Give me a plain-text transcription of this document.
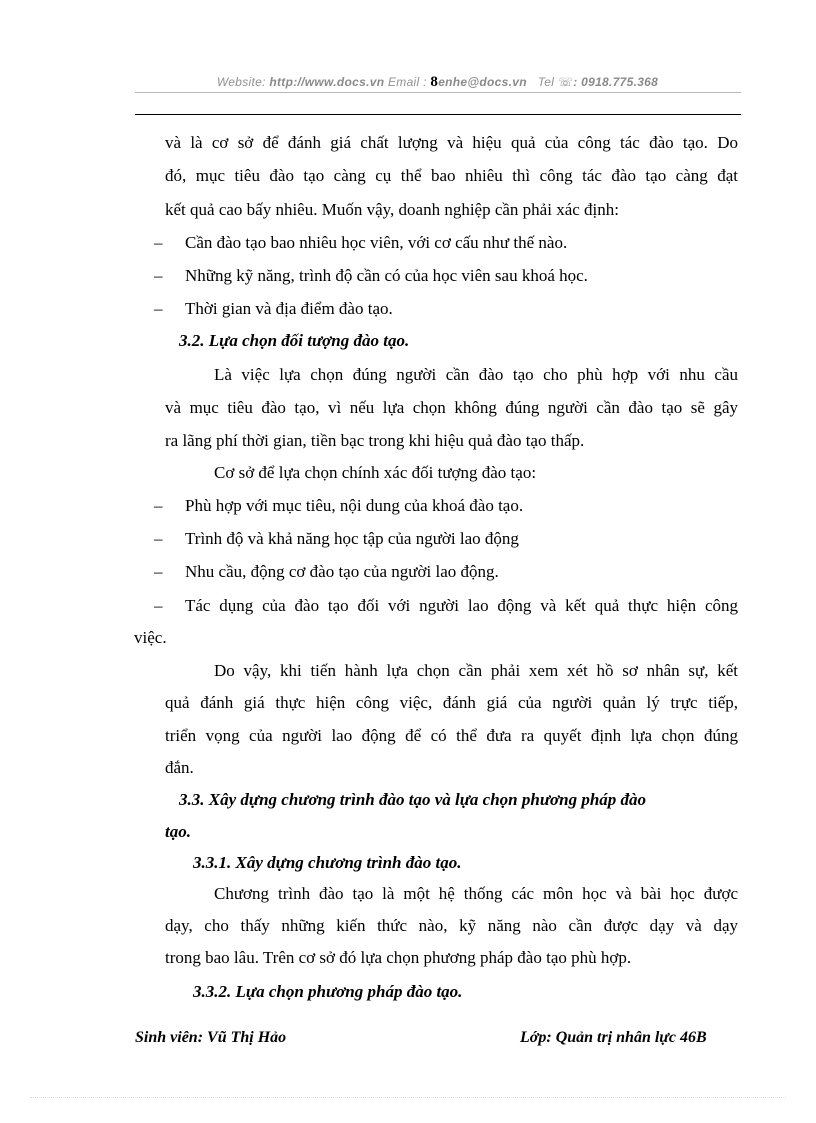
Website: http://www.docs.vn Email : 8enhe@docs.vn Tel ☏: 0918.775.368
và là cơ sở để đánh giá chất lượng và hiệu quả của công tác đào tạo. Do
đó, mục tiêu đào tạo càng cụ thể bao nhiêu thì công tác đào tạo càng đạt
kết quả cao bấy nhiêu. Muốn vậy, doanh nghiệp cần phải xác định:
– Cần đào tạo bao nhiêu học viên, với cơ cấu như thế nào.
– Những kỹ năng, trình độ cần có của học viên sau khoá học.
– Thời gian và địa điểm đào tạo.
3.2. Lựa chọn đối tượng đào tạo.
Là việc lựa chọn đúng người cần đào tạo cho phù hợp với nhu cầu
và mục tiêu đào tạo, vì nếu lựa chọn không đúng người cần đào tạo sẽ gây
ra lãng phí thời gian, tiền bạc trong khi hiệu quả đào tạo thấp.
Cơ sở để lựa chọn chính xác đối tượng đào tạo:
– Phù hợp với mục tiêu, nội dung của khoá đào tạo.
– Trình độ và khả năng học tập của người lao động
– Nhu cầu, động cơ đào tạo của người lao động.
– Tác dụng của đào tạo đối với người lao động và kết quả thực hiện công
việc.
Do vậy, khi tiến hành lựa chọn cần phải xem xét hồ sơ nhân sự, kết
quả đánh giá thực hiện công việc, đánh giá của người quản lý trực tiếp,
triển vọng của người lao động để có thể đưa ra quyết định lựa chọn đúng
đắn.
3.3. Xây dựng chương trình đào tạo và lựa chọn phương pháp đào
tạo.
3.3.1. Xây dựng chương trình đào tạo.
Chương trình đào tạo là một hệ thống các môn học và bài học được
dạy, cho thấy những kiến thức nào, kỹ năng nào cần được dạy và dạy
trong bao lâu. Trên cơ sở đó lựa chọn phương pháp đào tạo phù hợp.
3.3.2. Lựa chọn phương pháp đào tạo.
Sinh viên: Vũ Thị Hảo	Lớp: Quản trị nhân lực 46B
